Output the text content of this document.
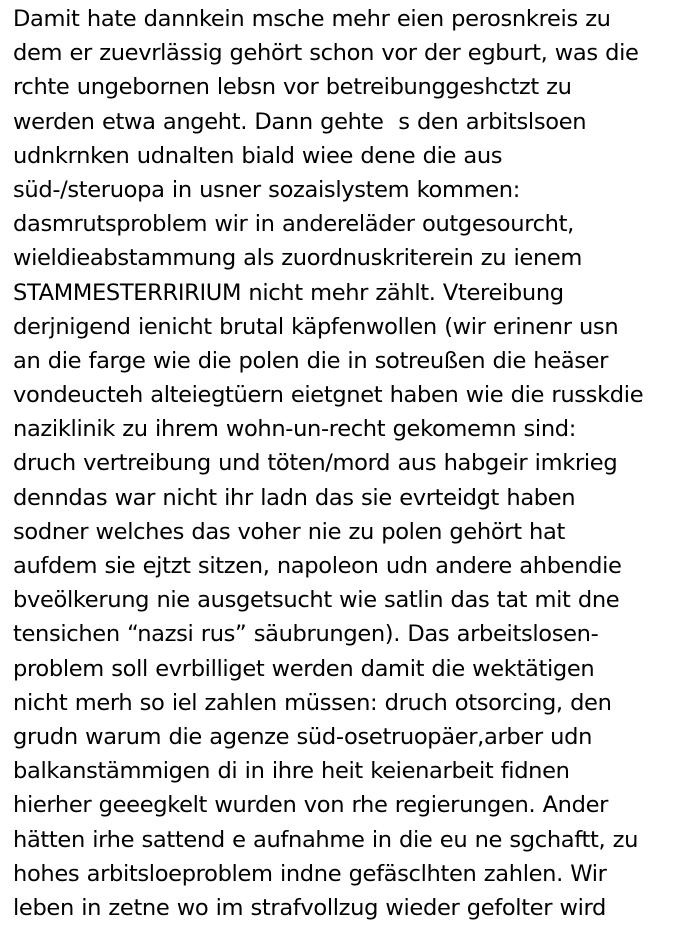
Damit hate dannkein msche mehr eien perosnkreis zu
dem er zuevrlässig gehört schon vor der egburt, was die
rchte ungebornen lebsn vor betreibunggeshctzt zu
werden etwa angeht. Dann gehte  s den arbitslsoen
udnkrnken udnalten biald wiee dene die aus
süd-/steruopa in usner sozaislystem kommen:
dasmrutsproblem wir in andereläder outgesourcht,
wieldieabstammung als zuordnuskriterein zu ienem
STAMMESTERRIRIUM nicht mehr zählt. Vtereibung
derjnigend ienicht brutal käpfenwollen (wir erinenr usn
an die farge wie die polen die in sotreußen die heäser
vondeucteh alteiegtüern eietgnet haben wie die russkdie
naziklinik zu ihrem wohn-un-recht gekomemn sind:
druch vertreibung und töten/mord aus habgeir imkrieg
denndas war nicht ihr ladn das sie evrteidgt haben
sodner welches das voher nie zu polen gehört hat
aufdem sie ejtzt sitzen, napoleon udn andere ahbendie
bveölkerung nie ausgetsucht wie satlin das tat mit dne
tensichen “nazsi rus” säubrungen). Das arbeitslosen-
problem soll evrbilliget werden damit die wektätigen
nicht merh so iel zahlen müssen: druch otsorcing, den
grudn warum die agenze süd-osetruopäer,arber udn
balkanstämmigen di in ihre heit keienarbeit fidnen
hierher geeegkelt wurden von rhe regierungen. Ander
hätten irhe sattend e aufnahme in die eu ne sgchaftt, zu
hohes arbitsloeproblem indne gefäsclhten zahlen. Wir
leben in zetne wo im strafvollzug wieder gefolter wird
